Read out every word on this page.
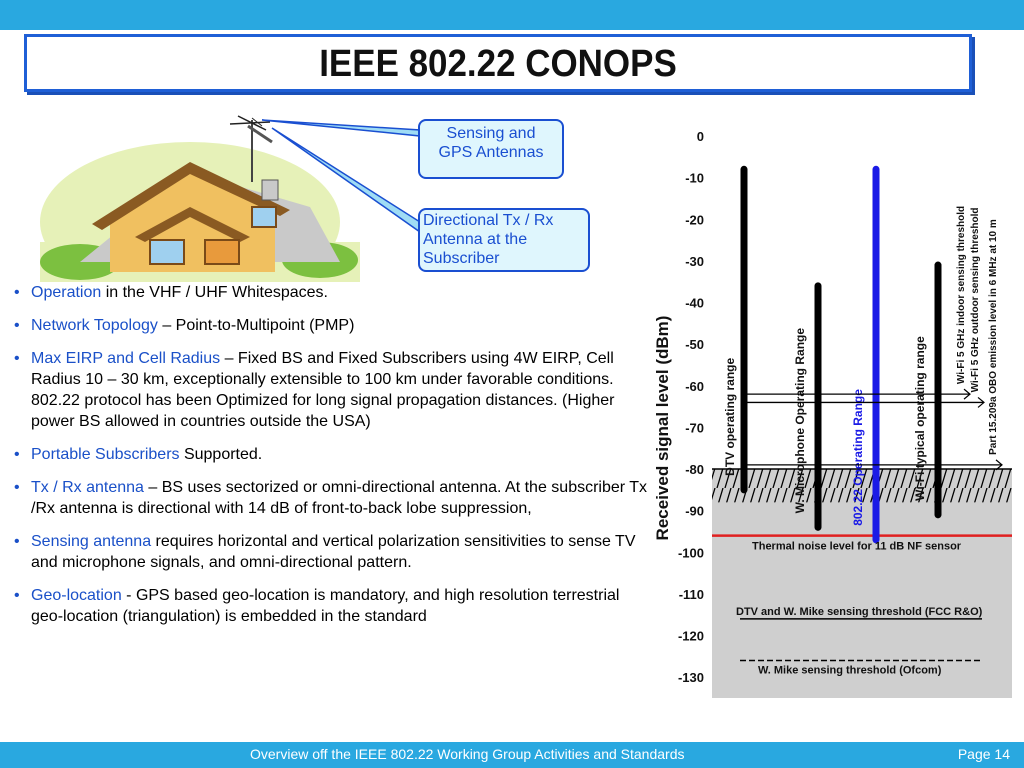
IEEE 802.22 CONOPS
Sensing and
GPS Antennas
Directional Tx / Rx
Antenna at the
Subscriber
• Operation in the VHF / UHF Whitespaces.
• Network Topology – Point-to-Multipoint (PMP)
• Max EIRP and Cell Radius – Fixed BS and Fixed Subscribers using 4W EIRP, Cell Radius 10 – 30 km, exceptionally extensible to 100 km under favorable conditions. 802.22 protocol has been Optimized for long signal propagation distances. (Higher power BS allowed in countries outside the USA)
• Portable Subscribers Supported.
• Tx / Rx antenna – BS uses sectorized or omni-directional antenna. At the subscriber Tx /Rx antenna is directional with 14 dB of front-to-back lobe suppression,
• Sensing antenna requires horizontal and vertical polarization sensitivities to sense TV and microphone signals, and omni-directional pattern.
• Geo-location - GPS based geo-location is mandatory, and high resolution terrestrial geo-location (triangulation) is embedded in the standard
0
-10
-20
-30
-40
-50
-60
-70
-80
-90
-100
-110
-120
-130
DTV operating range	W. Microphone Operating Range	802.22 Operating Range	Wi-Fi typical operating range
Wi-Fi 5 GHz indoor sensing threshold Wi-Fi 5 GHz outdoor sensing threshold Part 15.209a OBO emission level in 6 MHz at 10 m
Thermal noise level for 11 dB NF sensor
DTV and W. Mike sensing threshold (FCC R&O)
W. Mike sensing threshold (Ofcom)
Received signal level (dBm)
Overview off the IEEE 802.22 Working Group Activities and Standards	Page 14
